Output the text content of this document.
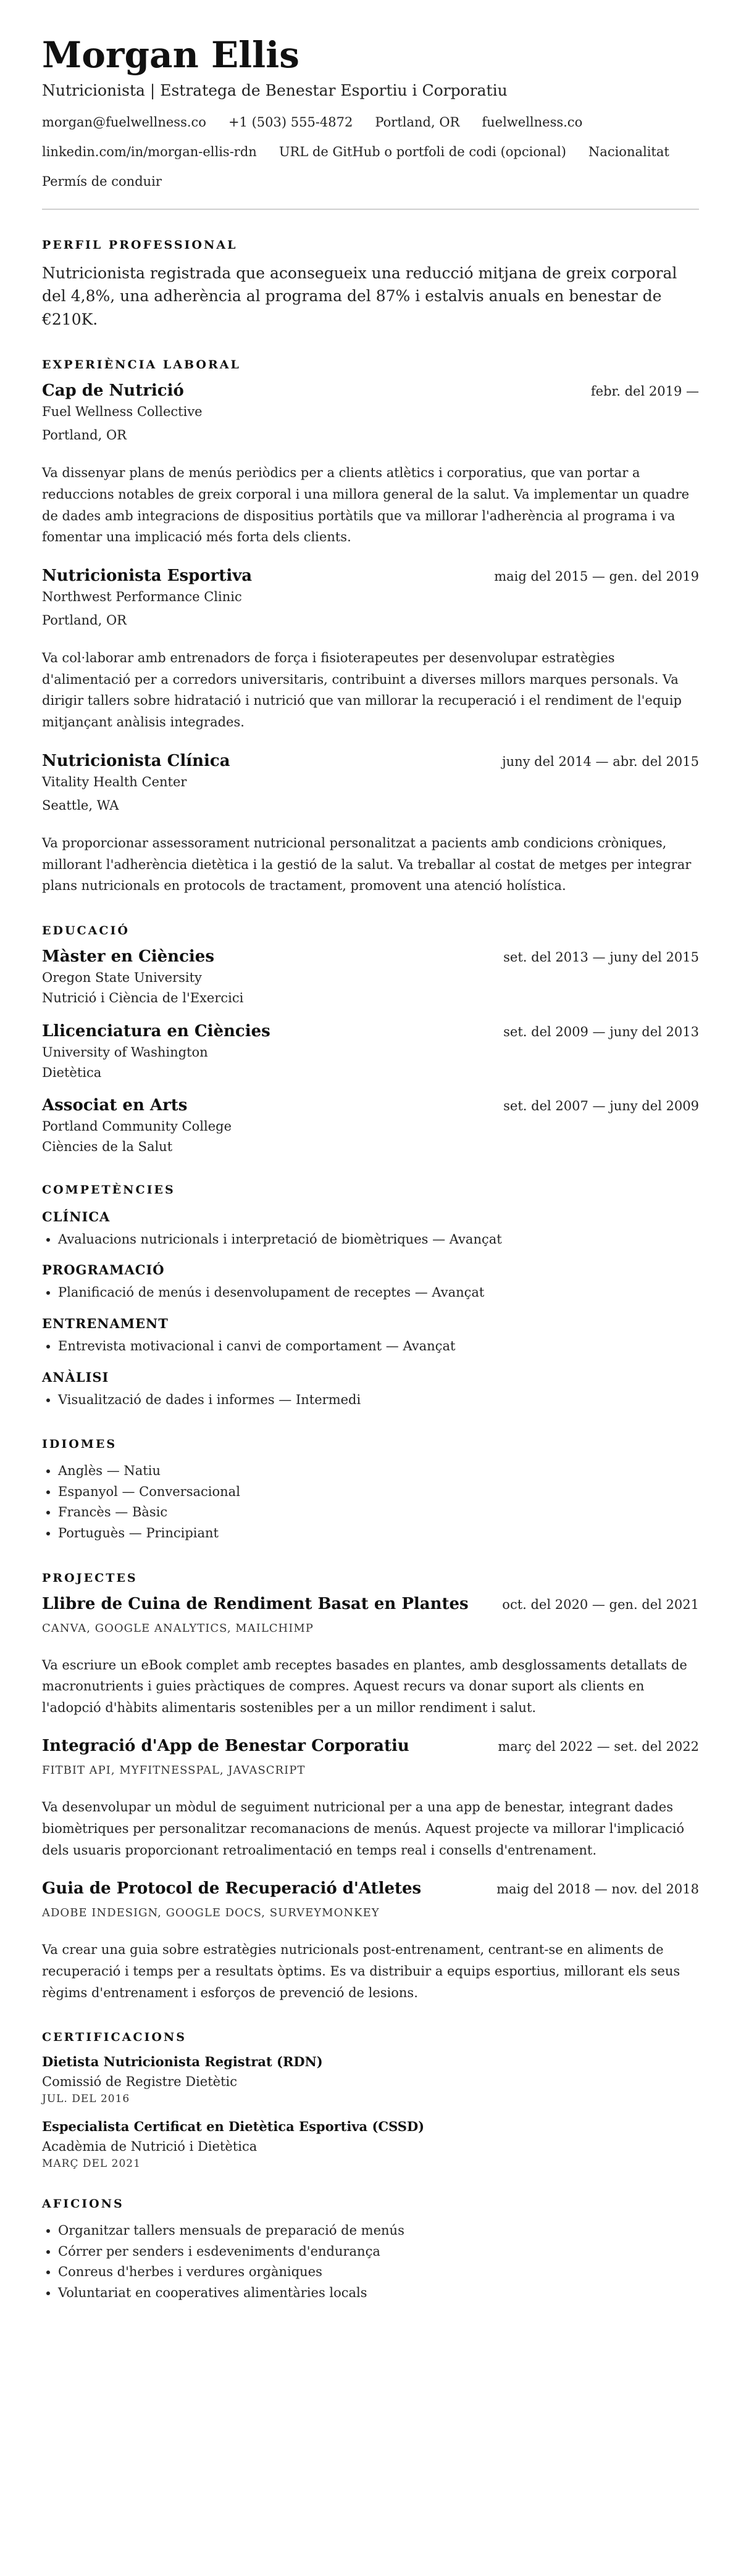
Morgan Ellis
Nutricionista | Estratega de Benestar Esportiu i Corporatiu
morgan@fuelwellness.co +1 (503) 555-4872 Portland, OR fuelwellness.co
linkedin.com/in/morgan-ellis-rdn URL de GitHub o portfoli de codi (opcional) Nacionalitat
Permís de conduir
PERFIL PROFESSIONAL
Nutricionista registrada que aconsegueix una reducció mitjana de greix corporal del 4,8%, una adherència al programa del 87% i estalvis anuals en benestar de €210K.
EXPERIÈNCIA LABORAL
Cap de Nutrició	febr. del 2019 —
Fuel Wellness Collective
Portland, OR
Va dissenyar plans de menús periòdics per a clients atlètics i corporatius, que van portar a reduccions notables de greix corporal i una millora general de la salut. Va implementar un quadre de dades amb integracions de dispositius portàtils que va millorar l'adherència al programa i va fomentar una implicació més forta dels clients.
Nutricionista Esportiva	maig del 2015 — gen. del 2019
Northwest Performance Clinic
Portland, OR
Va col·laborar amb entrenadors de força i fisioterapeutes per desenvolupar estratègies d'alimentació per a corredors universitaris, contribuint a diverses millors marques personals. Va dirigir tallers sobre hidratació i nutrició que van millorar la recuperació i el rendiment de l'equip mitjançant anàlisis integrades.
Nutricionista Clínica	juny del 2014 — abr. del 2015
Vitality Health Center
Seattle, WA
Va proporcionar assessorament nutricional personalitzat a pacients amb condicions cròniques, millorant l'adherència dietètica i la gestió de la salut. Va treballar al costat de metges per integrar plans nutricionals en protocols de tractament, promovent una atenció holística.
EDUCACIÓ
Màster en Ciències	set. del 2013 — juny del 2015
Oregon State University
Nutrició i Ciència de l'Exercici
Llicenciatura en Ciències	set. del 2009 — juny del 2013
University of Washington
Dietètica
Associat en Arts	set. del 2007 — juny del 2009
Portland Community College
Ciències de la Salut
COMPETÈNCIES
CLÍNICA
• Avaluacions nutricionals i interpretació de biomètriques — Avançat
PROGRAMACIÓ
• Planificació de menús i desenvolupament de receptes — Avançat
ENTRENAMENT
• Entrevista motivacional i canvi de comportament — Avançat
ANÀLISI
• Visualització de dades i informes — Intermedi
IDIOMES
• Anglès — Natiu
• Espanyol — Conversacional
• Francès — Bàsic
• Portuguès — Principiant
PROJECTES
Llibre de Cuina de Rendiment Basat en Plantes	oct. del 2020 — gen. del 2021
CANVA, GOOGLE ANALYTICS, MAILCHIMP
Va escriure un eBook complet amb receptes basades en plantes, amb desglossaments detallats de macronutrients i guies pràctiques de compres. Aquest recurs va donar suport als clients en l'adopció d'hàbits alimentaris sostenibles per a un millor rendiment i salut.
Integració d'App de Benestar Corporatiu	març del 2022 — set. del 2022
FITBIT API, MYFITNESSPAL, JAVASCRIPT
Va desenvolupar un mòdul de seguiment nutricional per a una app de benestar, integrant dades biomètriques per personalitzar recomanacions de menús. Aquest projecte va millorar l'implicació dels usuaris proporcionant retroalimentació en temps real i consells d'entrenament.
Guia de Protocol de Recuperació d'Atletes	maig del 2018 — nov. del 2018
ADOBE INDESIGN, GOOGLE DOCS, SURVEYMONKEY
Va crear una guia sobre estratègies nutricionals post-entrenament, centrant-se en aliments de recuperació i temps per a resultats òptims. Es va distribuir a equips esportius, millorant els seus règims d'entrenament i esforços de prevenció de lesions.
CERTIFICACIONS
Dietista Nutricionista Registrat (RDN)
Comissió de Registre Dietètic
JUL. DEL 2016
Especialista Certificat en Dietètica Esportiva (CSSD)
Acadèmia de Nutrició i Dietètica
MARÇ DEL 2021
AFICIONS
• Organitzar tallers mensuals de preparació de menús
• Córrer per senders i esdeveniments d'endurança
• Conreus d'herbes i verdures orgàniques
• Voluntariat en cooperatives alimentàries locals
